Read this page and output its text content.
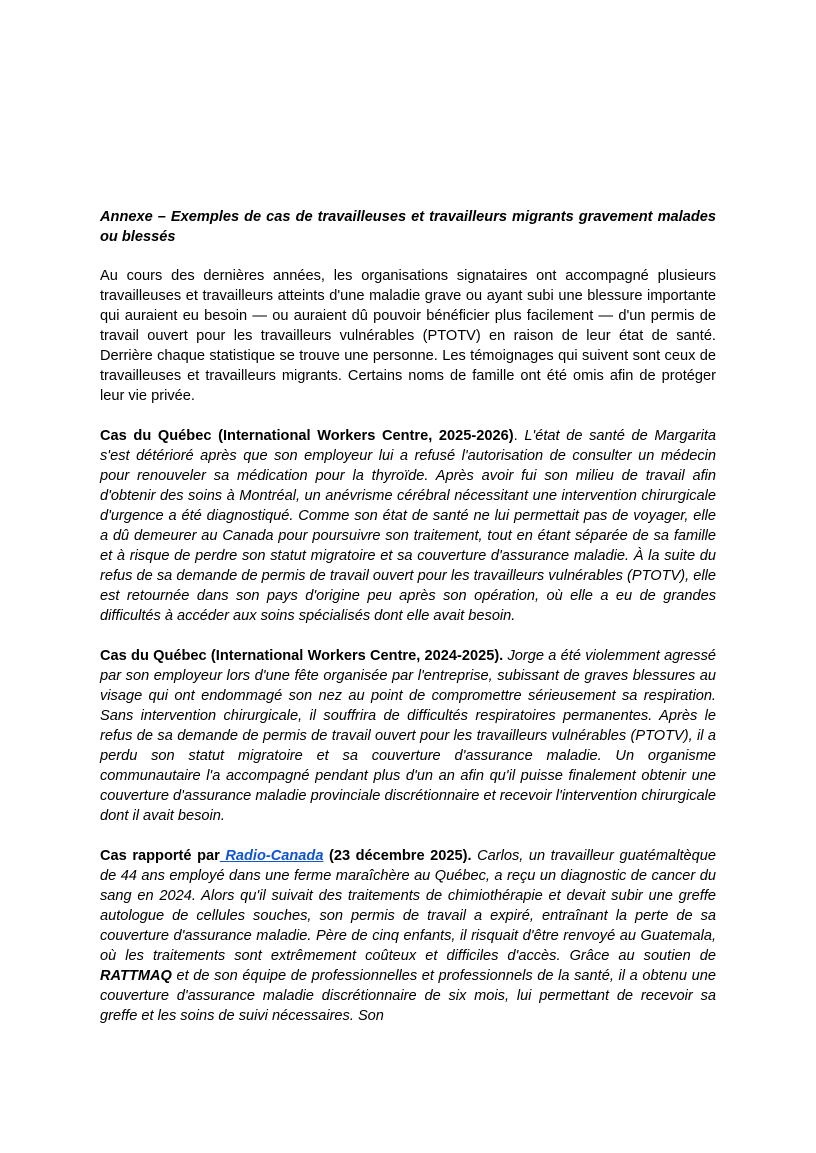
Annexe – Exemples de cas de travailleuses et travailleurs migrants gravement malades ou blessés

Au cours des dernières années, les organisations signataires ont accompagné plusieurs travailleuses et travailleurs atteints d'une maladie grave ou ayant subi une blessure importante qui auraient eu besoin — ou auraient dû pouvoir bénéficier plus facilement — d'un permis de travail ouvert pour les travailleurs vulnérables (PTOTV) en raison de leur état de santé. Derrière chaque statistique se trouve une personne. Les témoignages qui suivent sont ceux de travailleuses et travailleurs migrants. Certains noms de famille ont été omis afin de protéger leur vie privée.

Cas du Québec (International Workers Centre, 2025-2026). L'état de santé de Margarita s'est détérioré après que son employeur lui a refusé l'autorisation de consulter un médecin pour renouveler sa médication pour la thyroïde. Après avoir fui son milieu de travail afin d'obtenir des soins à Montréal, un anévrisme cérébral nécessitant une intervention chirurgicale d'urgence a été diagnostiqué. Comme son état de santé ne lui permettait pas de voyager, elle a dû demeurer au Canada pour poursuivre son traitement, tout en étant séparée de sa famille et à risque de perdre son statut migratoire et sa couverture d'assurance maladie. À la suite du refus de sa demande de permis de travail ouvert pour les travailleurs vulnérables (PTOTV), elle est retournée dans son pays d'origine peu après son opération, où elle a eu de grandes difficultés à accéder aux soins spécialisés dont elle avait besoin.

Cas du Québec (International Workers Centre, 2024-2025). Jorge a été violemment agressé par son employeur lors d'une fête organisée par l'entreprise, subissant de graves blessures au visage qui ont endommagé son nez au point de compromettre sérieusement sa respiration. Sans intervention chirurgicale, il souffrira de difficultés respiratoires permanentes. Après le refus de sa demande de permis de travail ouvert pour les travailleurs vulnérables (PTOTV), il a perdu son statut migratoire et sa couverture d'assurance maladie. Un organisme communautaire l'a accompagné pendant plus d'un an afin qu'il puisse finalement obtenir une couverture d'assurance maladie provinciale discrétionnaire et recevoir l'intervention chirurgicale dont il avait besoin.

Cas rapporté par Radio-Canada (23 décembre 2025). Carlos, un travailleur guatémaltèque de 44 ans employé dans une ferme maraîchère au Québec, a reçu un diagnostic de cancer du sang en 2024. Alors qu'il suivait des traitements de chimiothérapie et devait subir une greffe autologue de cellules souches, son permis de travail a expiré, entraînant la perte de sa couverture d'assurance maladie. Père de cinq enfants, il risquait d'être renvoyé au Guatemala, où les traitements sont extrêmement coûteux et difficiles d'accès. Grâce au soutien de RATTMAQ et de son équipe de professionnelles et professionnels de la santé, il a obtenu une couverture d'assurance maladie discrétionnaire de six mois, lui permettant de recevoir sa greffe et les soins de suivi nécessaires. Son
